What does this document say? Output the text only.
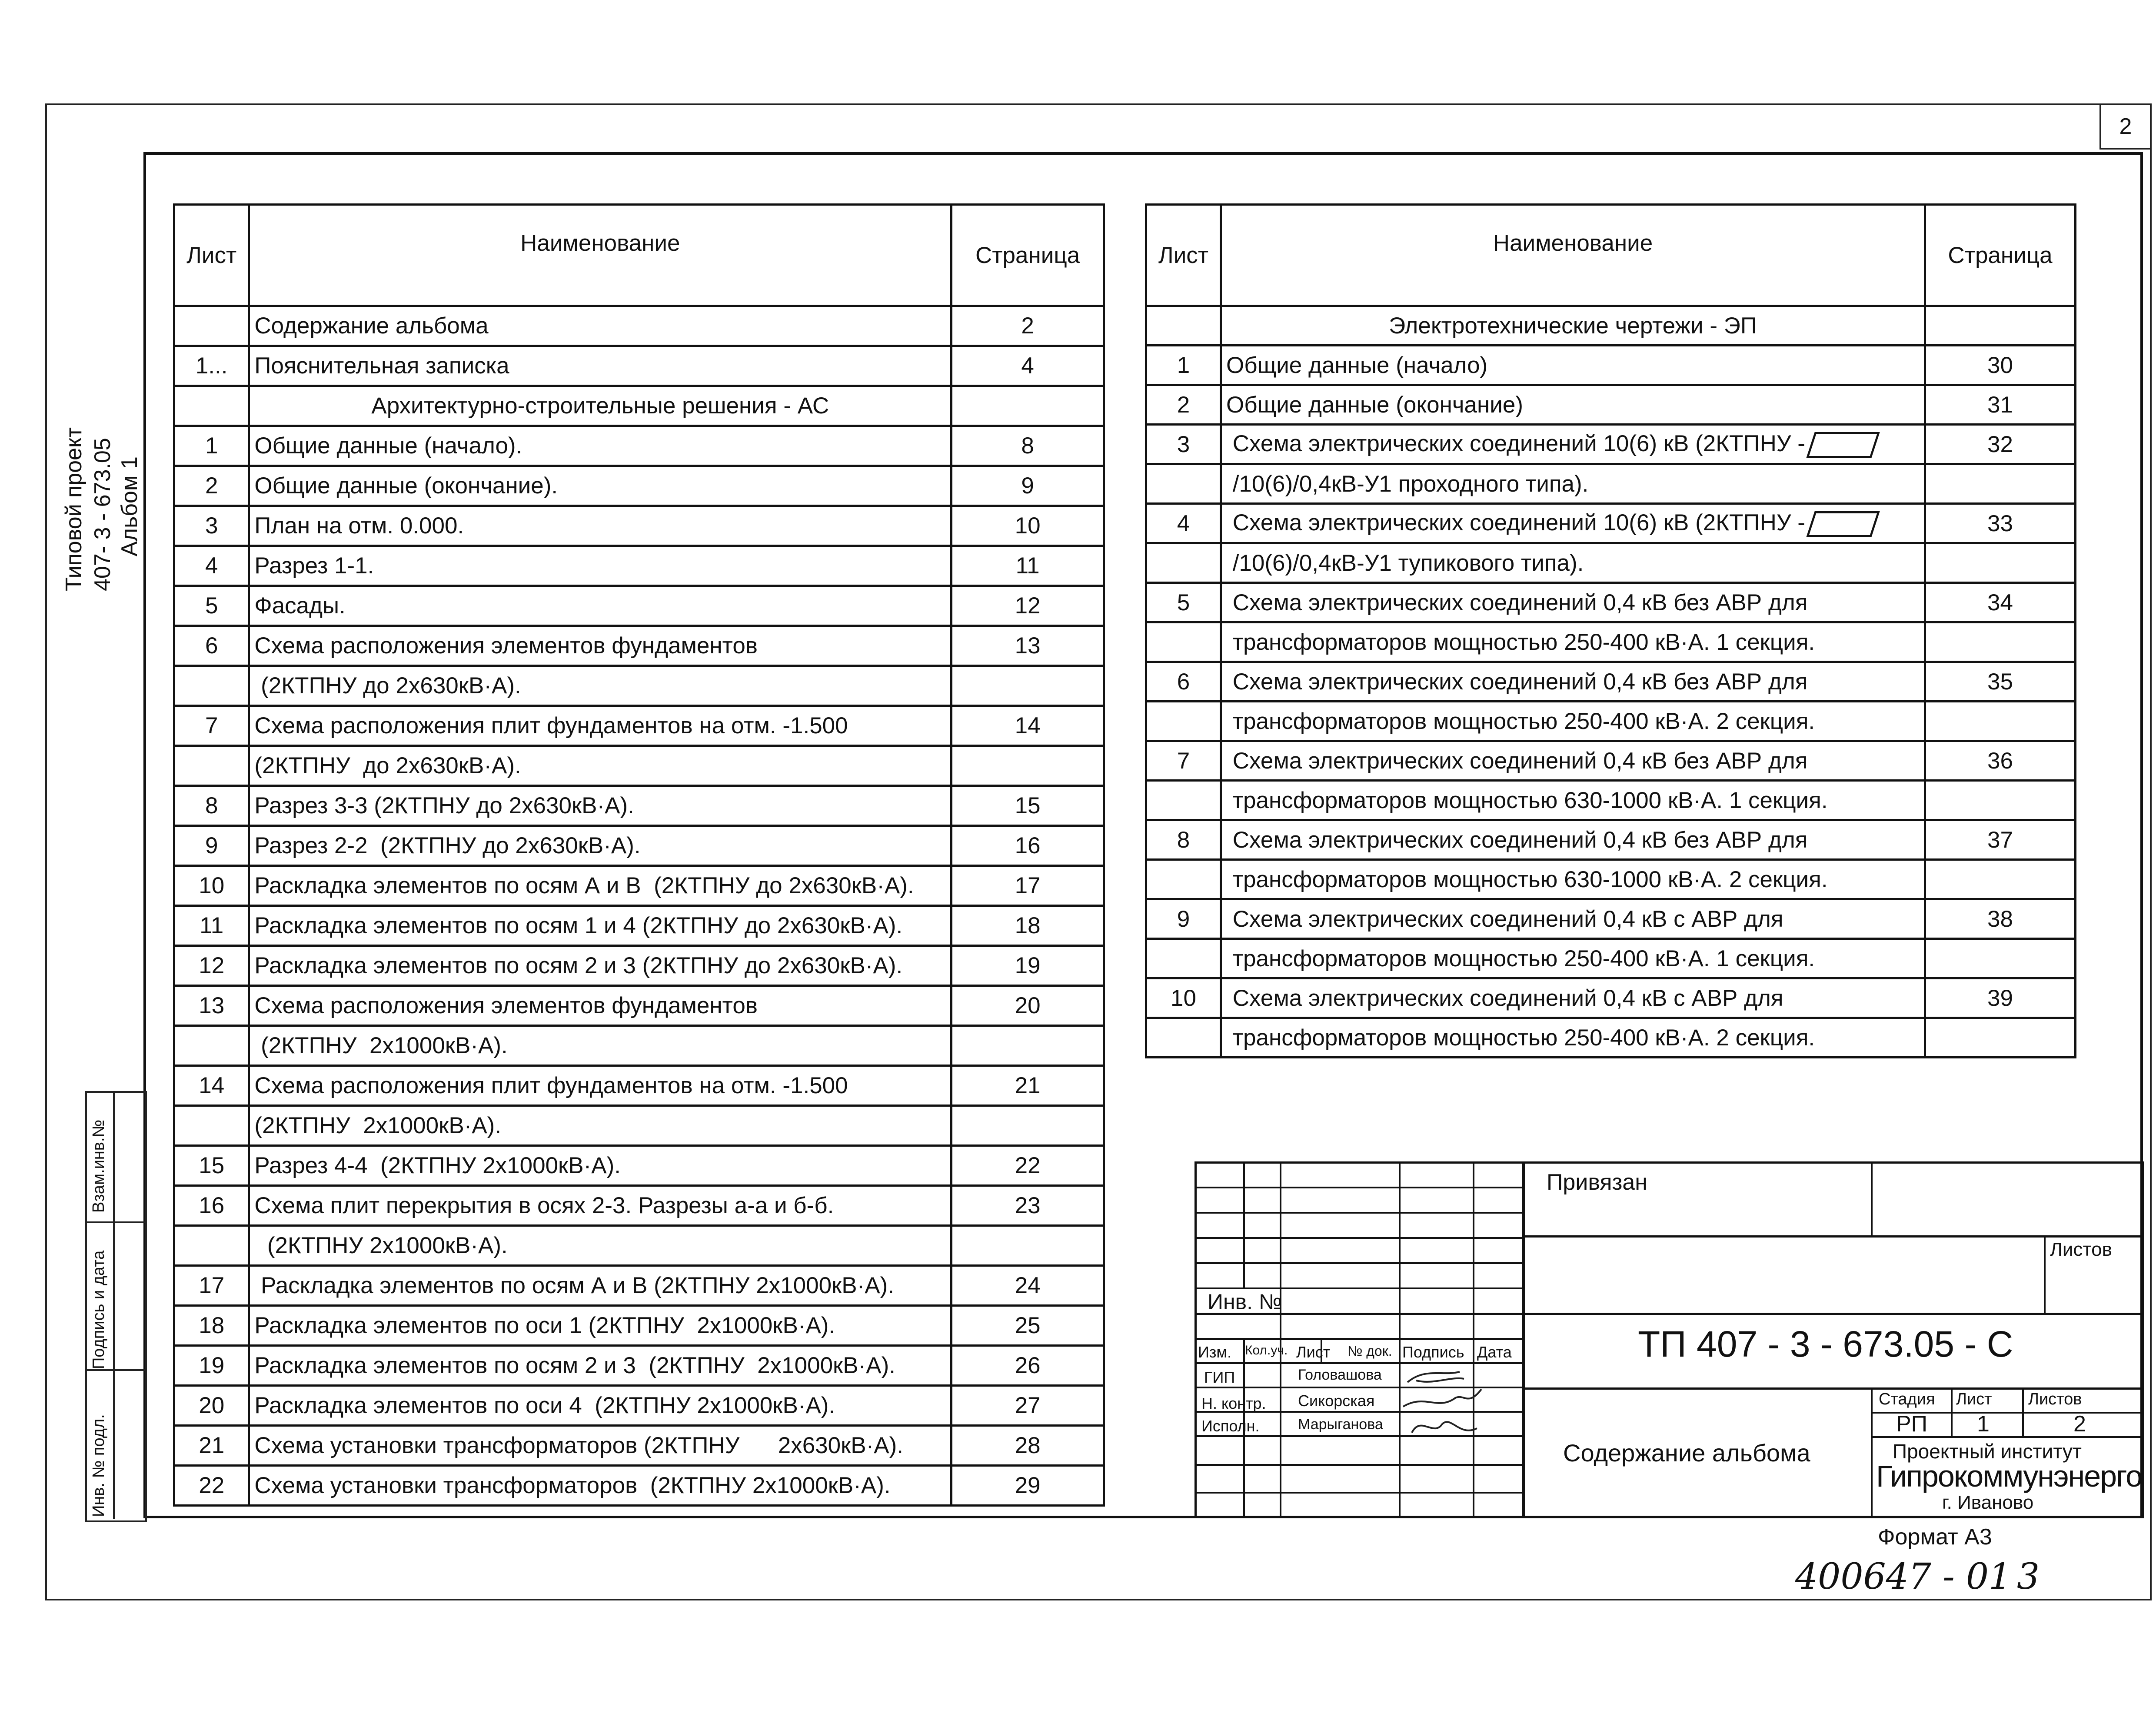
2
Типовой проект 407- 3 - 673.05 Альбом 1
Взам.инв.№
Подпись и дата
Инв. № подл.
Лист	Наименование	Страница
	Содержание альбома	2
1...	Пояснительная записка	4
	Архитектурно-строительные решения - АС	
1	Общие данные (начало).	8
2	Общие данные (окончание).	9
3	План на отм. 0.000.	10
4	Разрез 1-1.	11
5	Фасады.	12
6	Схема расположения элементов фундаментов	13
	(2КТПНУ до 2х630кВ·А).	
7	Схема расположения плит фундаментов на отм. -1.500	14
	(2КТПНУ  до 2х630кВ·А).	
8	Разрез 3-3 (2КТПНУ до 2х630кВ·А).	15
9	Разрез 2-2  (2КТПНУ до 2х630кВ·А).	16
10	Раскладка элементов по осям А и В  (2КТПНУ до 2х630кВ·А).	17
11	Раскладка элементов по осям 1 и 4 (2КТПНУ до 2х630кВ·А).	18
12	Раскладка элементов по осям 2 и 3 (2КТПНУ до 2х630кВ·А).	19
13	Схема расположения элементов фундаментов	20
	(2КТПНУ  2х1000кВ·А).	
14	Схема расположения плит фундаментов на отм. -1.500	21
	(2КТПНУ  2х1000кВ·А).	
15	Разрез 4-4  (2КТПНУ 2х1000кВ·А).	22
16	Схема плит перекрытия в осях 2-3. Разрезы а-а и б-б.	23
	(2КТПНУ 2х1000кВ·А).	
17	Раскладка элементов по осям А и В (2КТПНУ 2х1000кВ·А).	24
18	Раскладка элементов по оси 1 (2КТПНУ  2х1000кВ·А).	25
19	Раскладка элементов по осям 2 и 3  (2КТПНУ  2х1000кВ·А).	26
20	Раскладка элементов по оси 4  (2КТПНУ 2х1000кВ·А).	27
21	Схема установки трансформаторов (2КТПНУ      2х630кВ·А).	28
22	Схема установки трансформаторов  (2КТПНУ 2х1000кВ·А).	29
Лист	Наименование	Страница
	Электротехнические чертежи - ЭП	
1	Общие данные (начало)	30
2	Общие данные (окончание)	31
3	Схема электрических соединений 10(6) кВ (2КТПНУ -	32
	/10(6)/0,4кВ-У1 проходного типа).	
4	Схема электрических соединений 10(6) кВ (2КТПНУ -	33
	/10(6)/0,4кВ-У1 тупикового типа).	
5	Схема электрических соединений 0,4 кВ без АВР для	34
	трансформаторов мощностью 250-400 кВ·А. 1 секция.	
6	Схема электрических соединений 0,4 кВ без АВР для	35
	трансформаторов мощностью 250-400 кВ·А. 2 секция.	
7	Схема электрических соединений 0,4 кВ без АВР для	36
	трансформаторов мощностью 630-1000 кВ·А. 1 секция.	
8	Схема электрических соединений 0,4 кВ без АВР для	37
	трансформаторов мощностью 630-1000 кВ·А. 2 секция.	
9	Схема электрических соединений 0,4 кВ с АВР для	38
	трансформаторов мощностью 250-400 кВ·А. 1 секция.	
10	Схема электрических соединений 0,4 кВ с АВР для	39
	трансформаторов мощностью 250-400 кВ·А. 2 секция.	
Привязан
Инв. №
Листов
ТП 407 - 3 - 673.05 - С
Изм. Кол.уч. Лист № док. Подпись Дата
ГИП	Головашова
Н. контр. Сикорская
Исполн.	Марыганова
Содержание альбома
Стадия Лист Листов
РП 1	2
Проектный институт
Гипрокоммунэнерго
г. Иваново
Формат А3
400647 - 01 3
